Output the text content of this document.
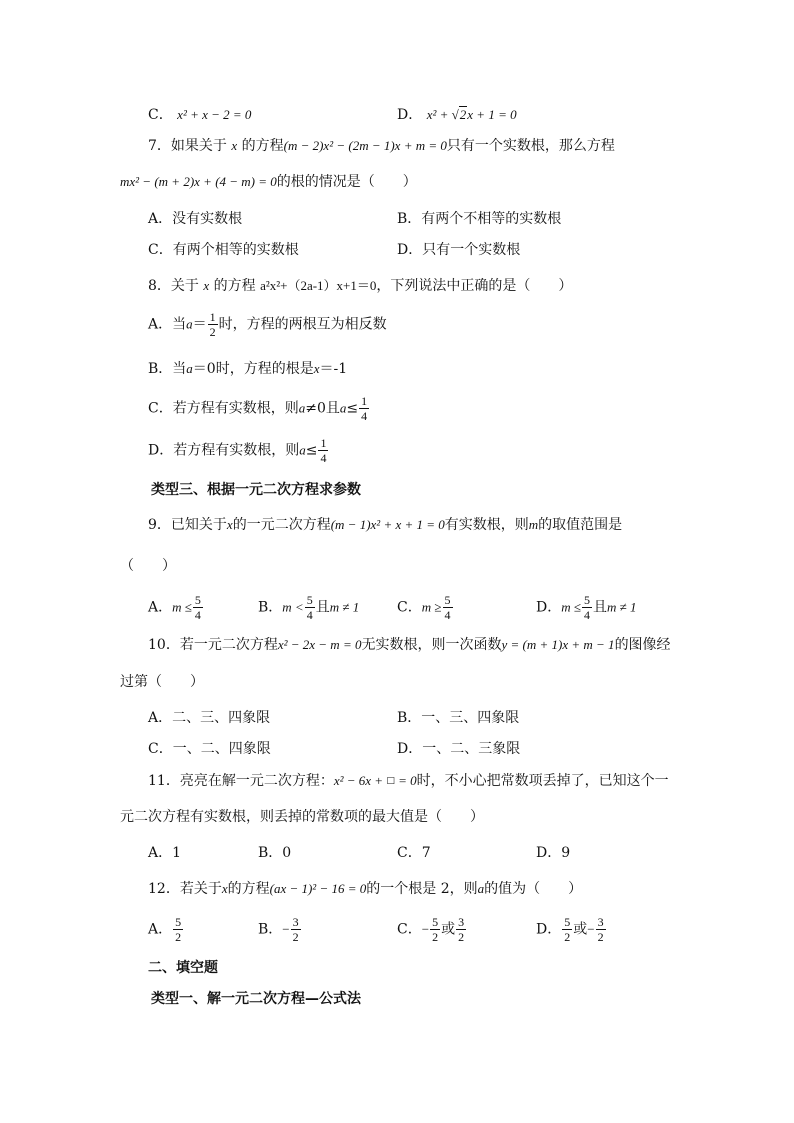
C． x² + x − 2 = 0	D． x² + √2x + 1 = 0
7．如果关于 x 的方程(m − 2)x² − (2m − 1)x + m = 0只有一个实数根，那么方程
mx² − (m + 2)x + (4 − m) = 0的根的情况是（　　）
A．没有实数根	B．有两个不相等的实数根
C．有两个相等的实数根	D．只有一个实数根
8．关于 x 的方程 a²x²+（2a-1）x+1＝0，下列说法中正确的是（　　）
A．当$a= \frac{1}{2}$ 时，方程的两根互为相反数
B．当a＝0时，方程的根是x＝-1
C．若方程有实数根，则a≠0且$a\le \frac{1}{4}$
D．若方程有实数根，则$a\le \frac{1}{4}$
类型三、根据一元二次方程求参数
9．已知关于x的一元二次方程(m − 1)x² + x + 1 = 0有实数根，则m的取值范围是
（　　）
A．$m \le \frac{5}{4}$	B．$m < \frac{5}{4}$ 且m ≠ 1	C．$m \ge \frac{5}{4}$	D．$m \le \frac{5}{4}$ 且m ≠ 1
10．若一元二次方程x² − 2x − m = 0无实数根，则一次函数y = (m + 1)x + m − 1的图像经
过第（　　）
A．二、三、四象限	B．一、三、四象限
C．一、二、四象限	D．一、二、三象限
11．亮亮在解一元二次方程：x² − 6x + □ = 0时，不小心把常数项丢掉了，已知这个一
元二次方程有实数根，则丢掉的常数项的最大值是（　　）
A．1	B．0	C．7	D．9
12．若关于x的方程(ax − 1)² − 16 = 0的一个根是 2，则a的值为（　　）
A． $\frac{5}{2}$	B．− $\frac{3}{2}$	C．− $\frac{5}{2}$ 或 $\frac{3}{2}$	D． $\frac{5}{2}$ 或− $\frac{3}{2}$
二、填空题
类型一、解一元二次方程—公式法
